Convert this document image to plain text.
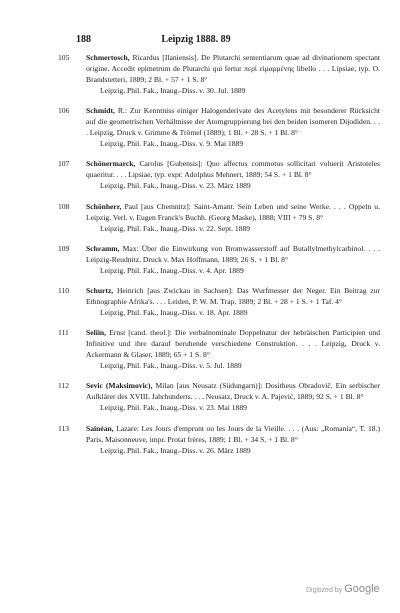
188	Leipzig 1888. 89
105	Schmertosch, Ricardus [Ilaniensis]. De Plutarchi sententiarum quae ad divinationem spectant origine. Accedit epimetrum de Plutarchi qui fertur περὶ εἱμαρμένης libello . . . Lipsiae, typ. O. Brandstetteri, 1889; 2 Bl. + 57 + 1 S. 8°
Leipzig, Phil. Fak., Inaug.-Diss. v. 30. Jul. 1889
106	Schmidt, R.: Zur Kenntniss einiger Halogenderivate des Acetylens mit besonderer Rücksicht auf die geometrischen Verhältnisse der Atomgruppierung bei den beiden isomeren Dijodiden. . . . Leipzig, Druck v. Grimme & Trömel (1889); 1 Bl. + 28 S. + 1 Bl. 8°
Leipzig, Phil. Fak., Inaug.-Diss. v. 9. Mai 1889
107	Schönermarck, Carolus [Gubensis]: Quo affectus commotus sollicitari voluerit Aristoteles quaeritur. . . . Lipsiae, typ. expr. Adolphus Mehnert, 1889; 54 S. + 1 Bl. 8°
Leipzig, Phil. Fak., Inaug.-Diss. v. 23. März 1889
108	Schönherr, Paul [aus Chemnitz]: Saint-Amant. Sein Leben und seine Werke. . . . Oppeln u. Leipzig, Verl. v. Eugen Franck's Buchh. (Georg Maske), 1888; VIII + 79 S. 8°
Leipzig, Phil. Fak., Inaug.-Diss. v. 22. Sept. 1889
109	Schramm, Max: Über die Einwirkung von Bromwasserstoff auf Butallylmethylcarbinol. . . . Leipzig-Reudnitz, Druck v. Max Hoffmann, 1889; 26 S. + 1 Bl. 8°
Leipzig, Phil. Fak., Inaug.-Diss. v. 4. Apr. 1889
110	Schurtz, Heinrich [aus Zwickau in Sachsen]: Das Wurfmesser der Neger. Ein Beitrag zur Ethnographie Afrika's. . . . Leiden, P. W. M. Trap, 1889; 2 Bl. + 28 + 1 S. + 1 Taf. 4°
Leipzig, Phil. Fak., Inaug.-Diss. v. 18. Apr. 1889
111	Seliin, Ernst [cand. theol.]: Die verbalnominale Doppelnatur der hebräischen Participien und Infinitive und ihre darauf beruhende verschiedene Construktion. . . . Leipzig, Druck v. Ackermann & Glaser, 1889; 65 + 1 S. 8°
Leipzig, Phil. Fak., Inaug.-Diss. v. 5. Jul. 1889
112	Sevic (Maksimovic), Milan [aus Neusatz (Südungarn)]: Dositheus Obradovič. Ein serbischer Aufklärer des XVIII. Jahrhunderts. . . . Neusatz, Druck v. A. Pajević, 1889; 92 S. + 1 Bl. 8°
Leipzig, Phil. Fak., Inaug.-Diss. v. 23. Mai 1889
113	Sainéan, Lazare: Les Jours d'emprunt ou les Jours de la Vieille. . . . (Aus: „Romania“, T. 18.) Paris, Maisonneuve, impr. Protat frères, 1889; 1 Bl. + 34 S. + 1 Bl. 8°
Leipzig, Phil. Fak., Inaug.-Diss. v. 26. März 1889
Digitized by Google
